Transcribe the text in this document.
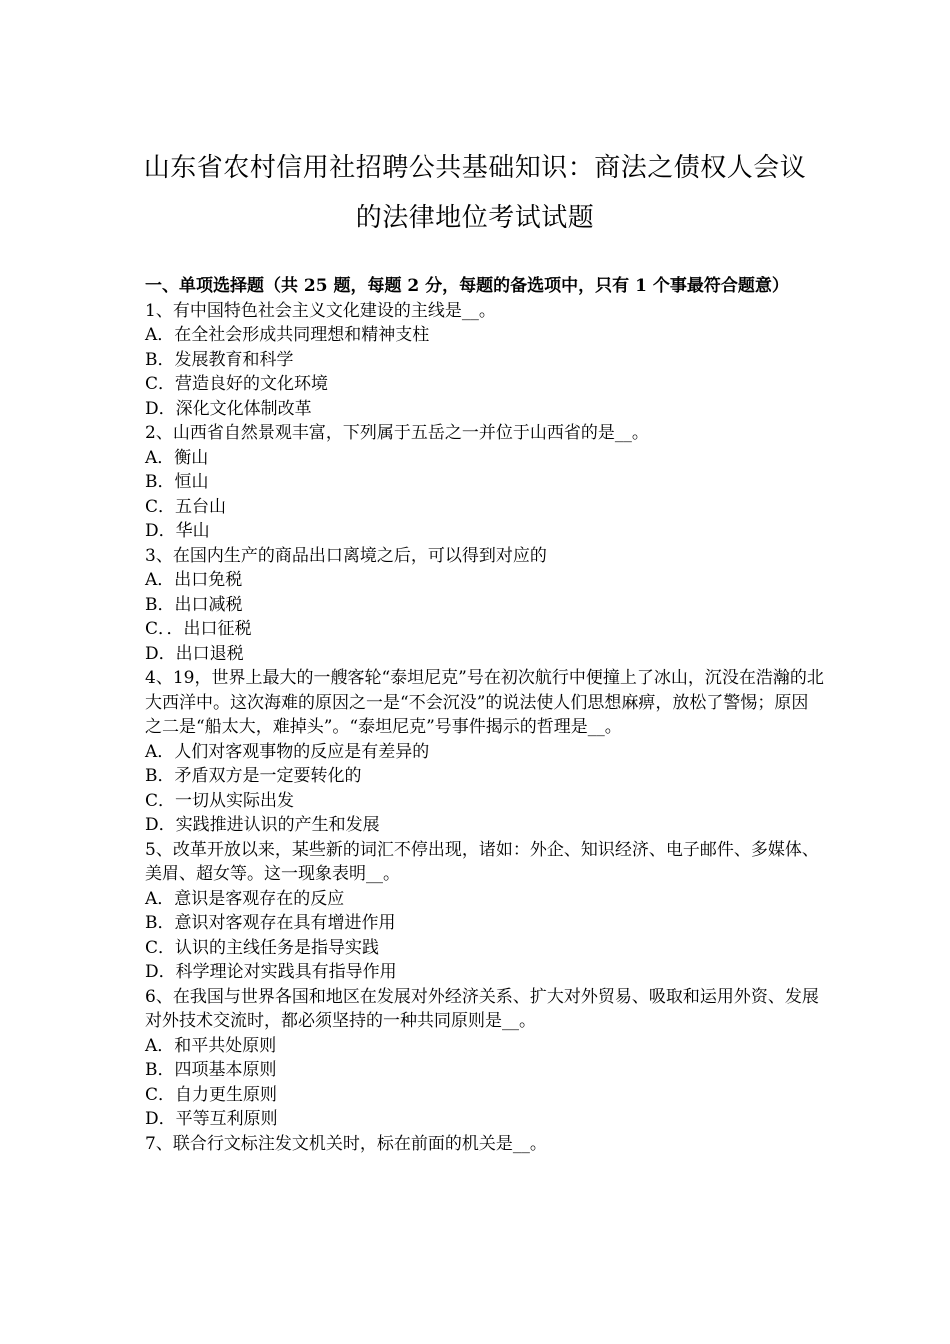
山东省农村信用社招聘公共基础知识：商法之债权人会议
的法律地位考试试题

一、单项选择题（共 25 题，每题 2 分，每题的备选项中，只有 1 个事最符合题意）

1、有中国特色社会主义文化建设的主线是__。

A．在全社会形成共同理想和精神支柱

B．发展教育和科学

C．营造良好的文化环境

D．深化文化体制改革

2、山西省自然景观丰富，下列属于五岳之一并位于山西省的是__。

A．衡山

B．恒山

C．五台山

D．华山

3、在国内生产的商品出口离境之后，可以得到对应的

A．出口免税

B．出口减税

C．．出口征税

D．出口退税

4、19，世界上最大的一艘客轮“泰坦尼克”号在初次航行中便撞上了冰山，沉没在浩瀚的北大西洋中。这次海难的原因之一是“不会沉没”的说法使人们思想麻痹，放松了警惕；原因之二是“船太大，难掉头”。“泰坦尼克”号事件揭示的哲理是__。

A．人们对客观事物的反应是有差异的

B．矛盾双方是一定要转化的

C．一切从实际出发

D．实践推进认识的产生和发展

5、改革开放以来，某些新的词汇不停出现，诸如：外企、知识经济、电子邮件、多媒体、美眉、超女等。这一现象表明__。

A．意识是客观存在的反应

B．意识对客观存在具有增进作用

C．认识的主线任务是指导实践

D．科学理论对实践具有指导作用

6、在我国与世界各国和地区在发展对外经济关系、扩大对外贸易、吸取和运用外资、发展对外技术交流时，都必须坚持的一种共同原则是__。

A．和平共处原则

B．四项基本原则

C．自力更生原则

D．平等互利原则

7、联合行文标注发文机关时，标在前面的机关是__。
